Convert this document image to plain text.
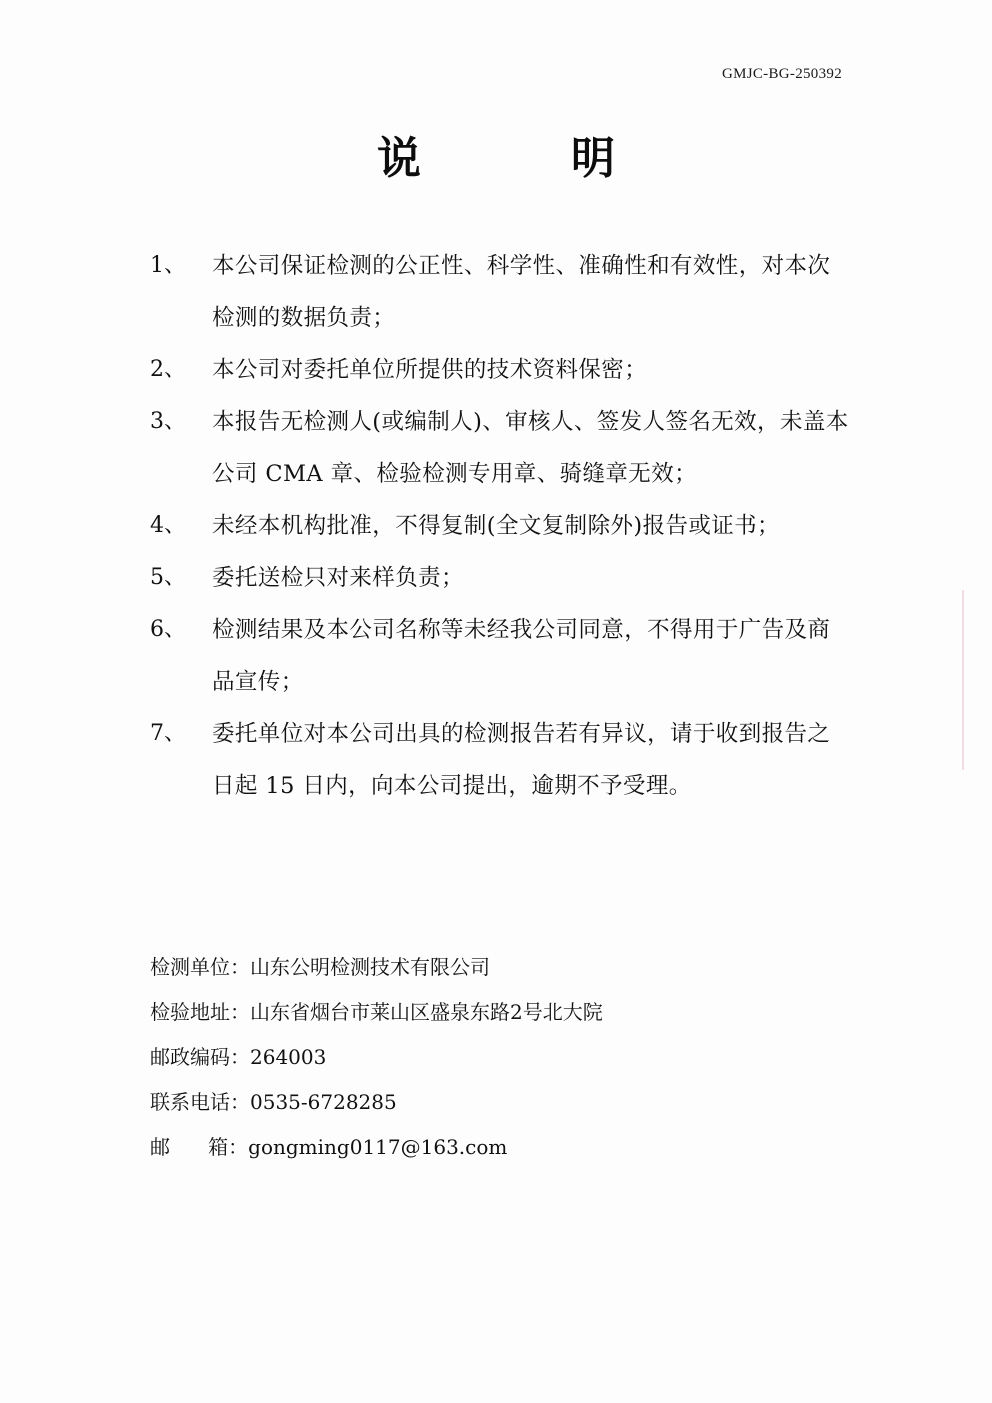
GMJC-BG-250392
说	明
1、	本公司保证检测的公正性、科学性、准确性和有效性，对本次检测的数据负责；
2、	本公司对委托单位所提供的技术资料保密；
3、	本报告无检测人(或编制人)、审核人、签发人签名无效，未盖本公司 CMA 章、检验检测专用章、骑缝章无效；
4、	未经本机构批准，不得复制(全文复制除外)报告或证书；
5、	委托送检只对来样负责；
6、	检测结果及本公司名称等未经我公司同意，不得用于广告及商品宣传；
7、	委托单位对本公司出具的检测报告若有异议，请于收到报告之日起 15 日内，向本公司提出，逾期不予受理。
检测单位： 山东公明检测技术有限公司
检验地址： 山东省烟台市莱山区盛泉东路2号北大院
邮政编码： 264003
联系电话： 0535-6728285
邮      箱： gongming0117@163.com
